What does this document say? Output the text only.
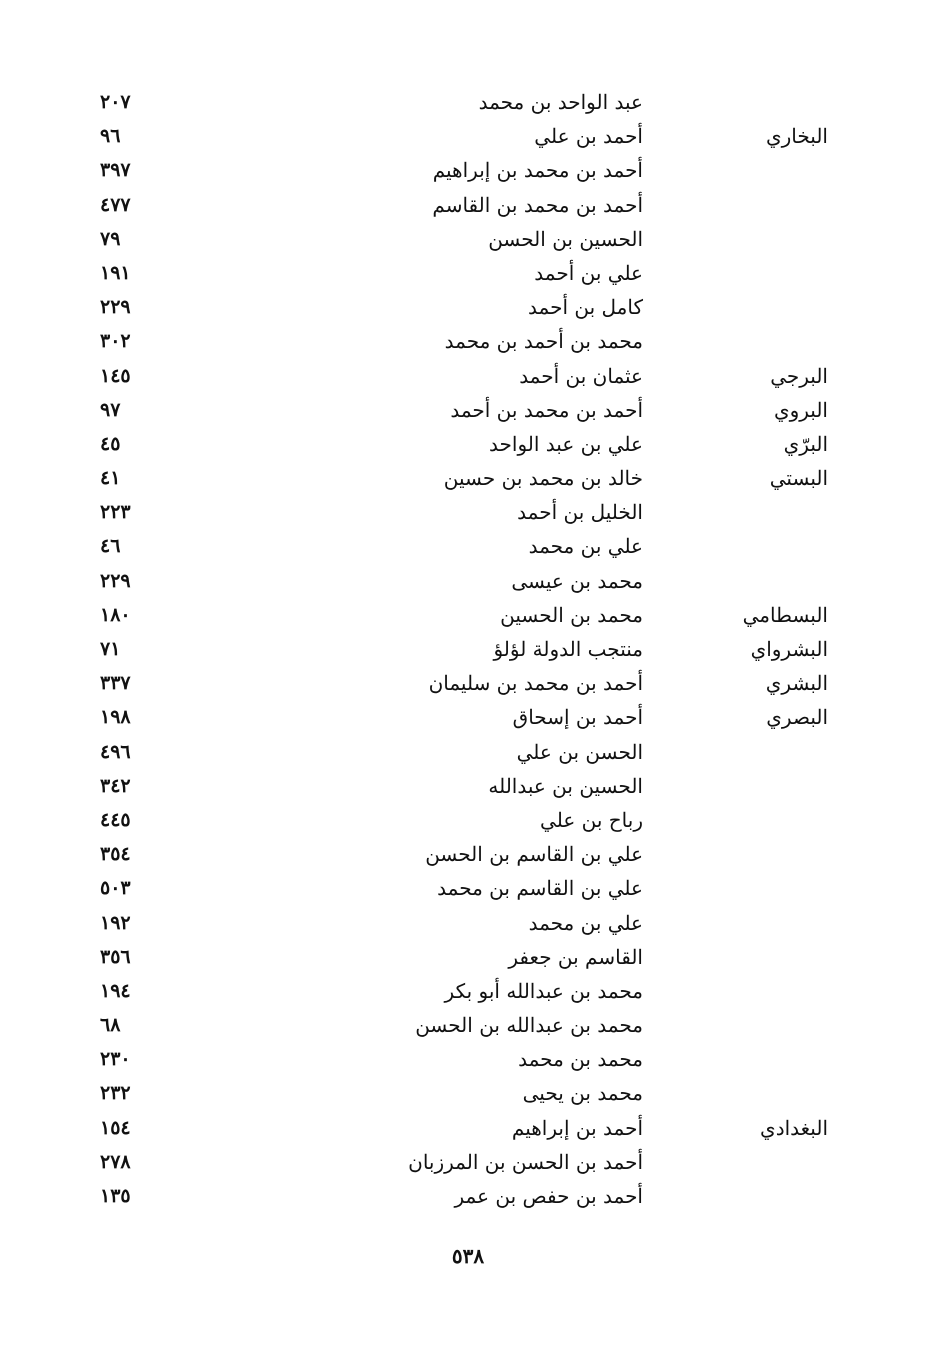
عبد الواحد بن محمد
٢٠٧
البخاري
أحمد بن علي
٩٦
أحمد بن محمد بن إبراهيم
٣٩٧
أحمد بن محمد بن القاسم
٤٧٧
الحسين بن الحسن
٧٩
علي بن أحمد
١٩١
كامل بن أحمد
٢٢٩
محمد بن أحمد بن محمد
٣٠٢
البرجي
عثمان بن أحمد
١٤٥
البروي
أحمد بن محمد بن أحمد
٩٧
البرّي
علي بن عبد الواحد
٤٥
البستي
خالد بن محمد بن حسين
٤١
الخليل بن أحمد
٢٢٣
علي بن محمد
٤٦
محمد بن عيسى
٢٢٩
البسطامي
محمد بن الحسين
١٨٠
البشرواي
منتجب الدولة لؤلؤ
٧١
البشري
أحمد بن محمد بن سليمان
٣٣٧
البصري
أحمد بن إسحاق
١٩٨
الحسن بن علي
٤٩٦
الحسين بن عبدالله
٣٤٢
رباح بن علي
٤٤٥
علي بن القاسم بن الحسن
٣٥٤
علي بن القاسم بن محمد
٥٠٣
علي بن محمد
١٩٢
القاسم بن جعفر
٣٥٦
محمد بن عبدالله أبو بكر
١٩٤
محمد بن عبدالله بن الحسن
٦٨
محمد بن محمد
٢٣٠
محمد بن يحيى
٢٣٢
البغدادي
أحمد بن إبراهيم
١٥٤
أحمد بن الحسن بن المرزبان
٢٧٨
أحمد بن حفص بن عمر
١٣٥
٥٣٨
